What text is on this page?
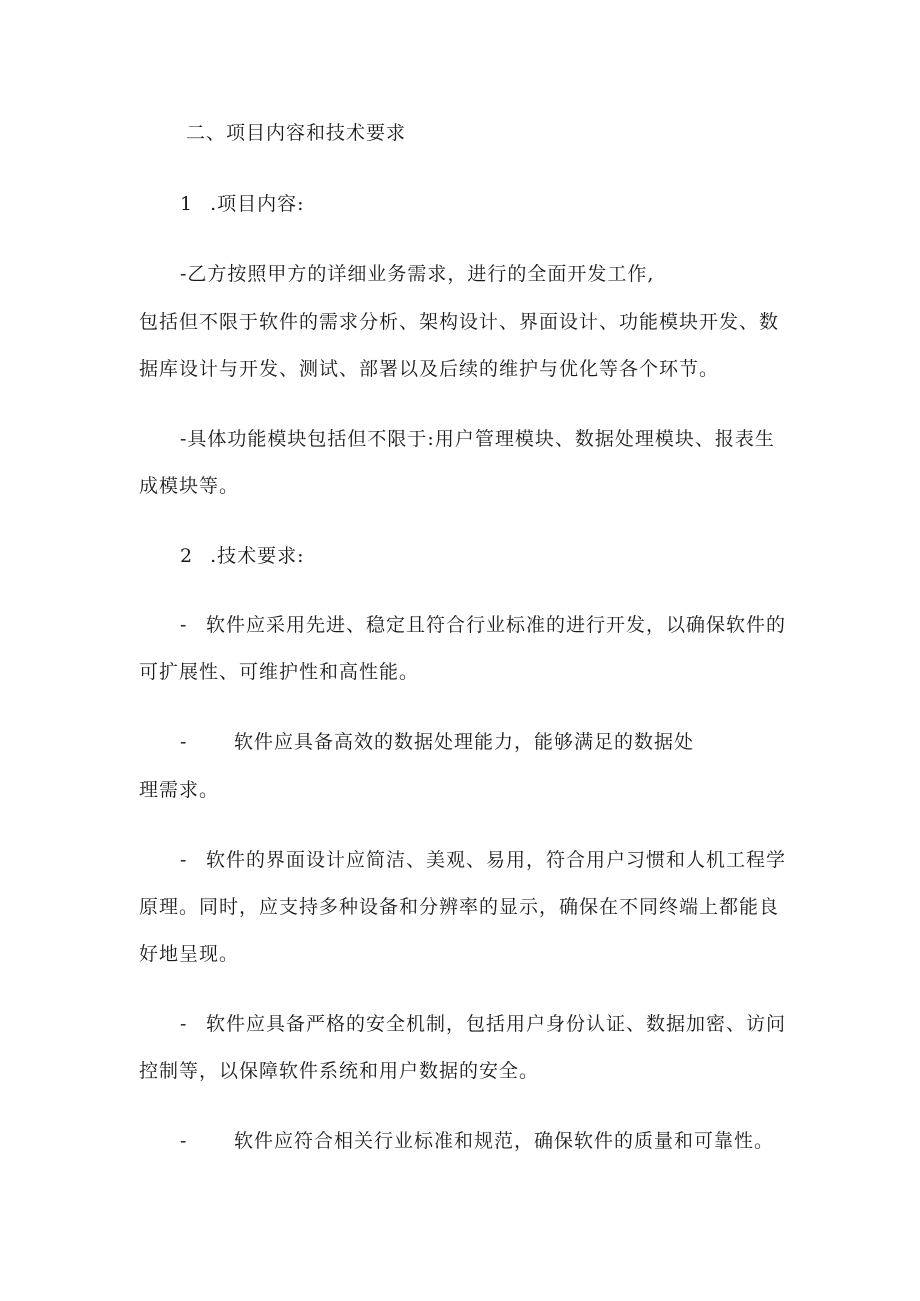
二、项目内容和技术要求
1 .项目内容:
-乙方按照甲方的详细业务需求，进行的全面开发工作,
包括但不限于软件的需求分析、架构设计、界面设计、功能模块开发、数
据库设计与开发、测试、部署以及后续的维护与优化等各个环节。
-具体功能模块包括但不限于:用户管理模块、数据处理模块、报表生
成模块等。
2 .技术要求:
- 软件应采用先进、稳定且符合行业标准的进行开发，以确保软件的
可扩展性、可维护性和高性能。
- 软件应具备高效的数据处理能力，能够满足的数据处
理需求。
- 软件的界面设计应简洁、美观、易用，符合用户习惯和人机工程学
原理。同时，应支持多种设备和分辨率的显示，确保在不同终端上都能良
好地呈现。
- 软件应具备严格的安全机制，包括用户身份认证、数据加密、访问
控制等，以保障软件系统和用户数据的安全。
- 软件应符合相关行业标准和规范，确保软件的质量和可靠性。
